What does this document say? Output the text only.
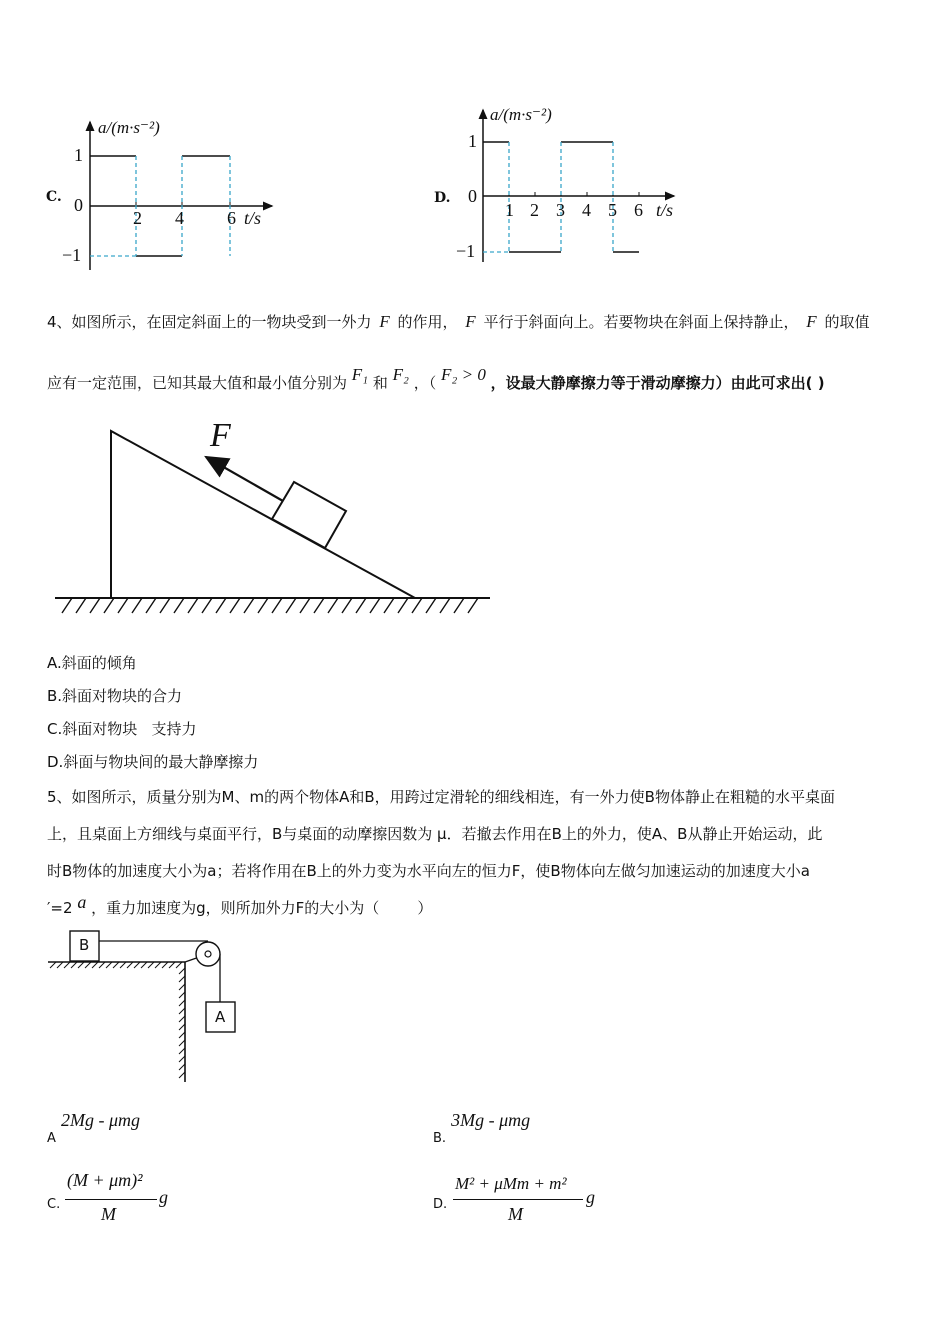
C.
a/(m·s⁻²)
1
0
−1
2 4 6 t/s
D.
a/(m·s⁻²)
1
0
−1
1 2 3 4 5 6 t/s
4、如图所示，在固定斜面上的一物块受到一外力 F 的作用， F 平行于斜面向上。若要物块在斜面上保持静止， F 的取值
应有一定范围，已知其最大值和最小值分别为 F₁ 和 F₂ ，（ F₂ > 0 ，设最大静摩擦力等于滑动摩擦力）由此可求出( )
F
A.斜面的倾角
B.斜面对物块的合力
C.斜面对物块   支持力
D.斜面与物块间的最大静摩擦力
5、如图所示，质量分别为M、m的两个物体A和B，用跨过定滑轮的细线相连，有一外力使B物体静止在粗糙的水平桌面
上，且桌面上方细线与桌面平行，B与桌面的动摩擦因数为 μ．若撤去作用在B上的外力，使A、B从静止开始运动，此
时B物体的加速度大小为a；若将作用在B上的外力变为水平向左的恒力F，使B物体向左做匀加速运动的加速度大小a
′=2 a ，重力加速度为g，则所加外力F的大小为（        ）
B
A
$_A$ 2Mg - μmg
$_{B.}$ 3Mg - μmg
C.
(M + μm)²
M
g	D.
M² + μMm + m²
M
g
